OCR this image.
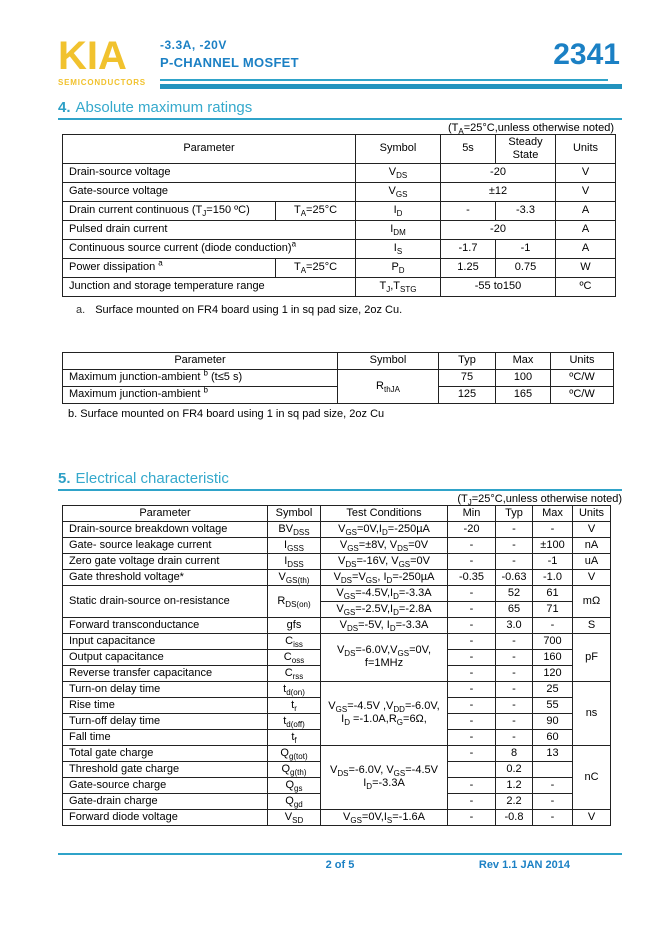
KIA
SEMICONDUCTORS
-3.3A, -20V
P-CHANNEL MOSFET	2341
4. Absolute maximum ratings
($T_A=25^\circ C,unless$ otherwise noted)
Parameter		Symbol	5s	Steady State	Units
Drain-source voltage		$V_{DS}$	-20		V
Gate-source voltage		$V_{GS}$	±12		V
Drain current continuous ($T_J=150$ ºC)	$T_A=25^\circ C$	$I_D$	-	-3.3	A
Pulsed drain current		$I_{DM}$	-20		A
Continuous source current (diode conduction)$^a$		$I_S$	-1.7	-1	A
Power dissipation $^a$	$T_A=25^\circ C$	$P_D$	1.25	0.75	W
Junction and storage temperature range		$T_J,T_{STG}$	-55 to150		ºC
a. Surface mounted on FR4 board using 1 in sq pad size, 2oz Cu.
Parameter	Symbol	Typ	Max	Units
Maximum junction-ambient $^b$ (t≤5 s)	$R_{thJA}$	75	100	ºC/W
Maximum junction-ambient $^b$		125	165	ºC/W
b. Surface mounted on FR4 board using 1 in sq pad size, 2oz Cu
5. Electrical characteristic
($T_J=25^\circ C,unless$ otherwise noted)
Parameter	Symbol	Test Conditions	Min	Typ	Max	Units
Drain-source breakdown voltage	$BV_{DSS}$	$V_{GS}=0V,I_D=-250\mu A$	-20	-	-	V
Gate- source leakage current	$I_{GSS}$	$V_{GS}=\pm 8V$, $V_{DS}=0V$	-	-	±100	nA
Zero gate voltage drain current	$I_{DSS}$	$V_{DS}=-16V$, $V_{GS}=0V$	-	-	-1	uA
Gate threshold voltage*	$V_{GS(th)}$	$V_{DS}=V_{GS}$, $I_D=-250\mu A$	-0.35	-0.63	-1.0	V
Static drain-source on-resistance	$R_{DS(on)}$	$V_{GS}=-4.5V,I_D=-3.3A$	-	52	61	mΩ
		$V_{GS}=-2.5V,I_D=-2.8A$	-	65	71	
Forward transconductance	gfs	$V_{DS}=-5V$, $I_D=-3.3A$	-	3.0	-	S
Input capacitance	$C_{iss}$	$V_{DS}=-6.0V,V_{GS}=0V$, f=1MHz	-	-	700	pF
Output capacitance	$C_{oss}$		-	-	160	
Reverse transfer capacitance	$C_{rss}$		-	-	120	
Turn-on delay time	$t_{d(on)}$	$V_{GS}=-4.5V$ $,V_{DD}=-6.0V$, $I_D =-1.0A,R_G=6\Omega$,	-	-	25	ns
Rise time	$t_r$		-	-	55	
Turn-off delay time	$t_{d(off)}$		-	-	90	
Fall time	$t_f$		-	-	60	
Total gate charge	$Q_{g(tot)}$	$V_{DS}=-6.0V$, $V_{GS}=-4.5V$ $I_D=-3.3A$	-	8	13	nC
Threshold gate charge	$Q_{g(th)}$			0.2		
Gate-source charge	$Q_{gs}$		-	1.2	-	
Gate-drain charge	$Q_{gd}$		-	2.2	-	
Forward diode voltage	$V_{SD}$	$V_{GS}=0V,I_S=-1.6A$	-	-0.8	-	V
2 of 5	Rev 1.1 JAN 2014
